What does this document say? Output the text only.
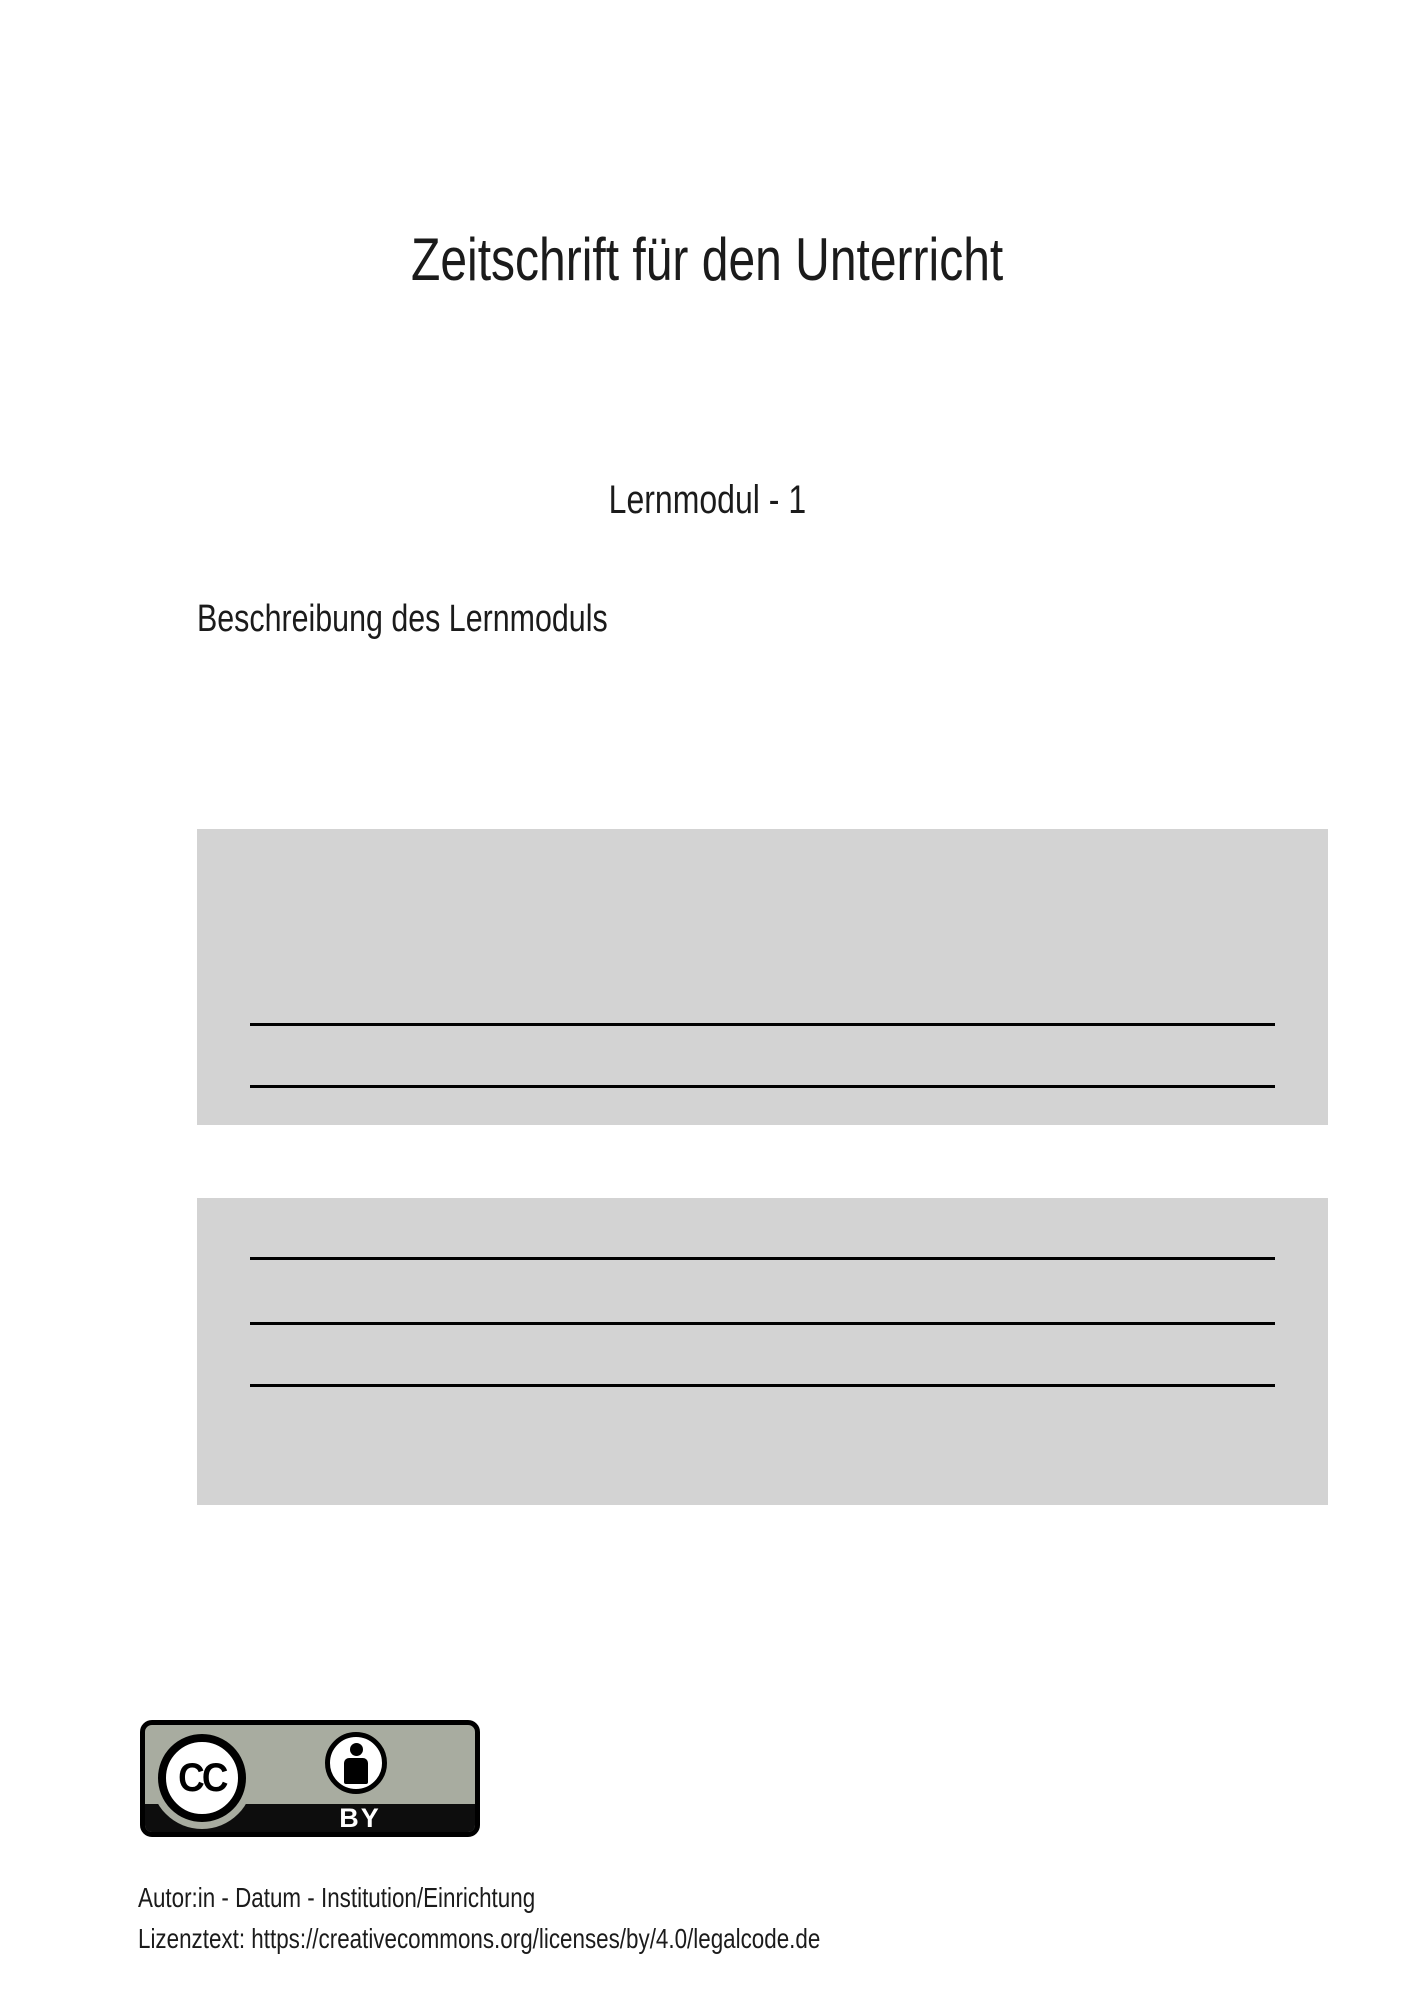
Zeitschrift für den Unterricht
Lernmodul - 1
Beschreibung des Lernmoduls
CC
BY
Autor:in - Datum - Institution/Einrichtung
Lizenztext: https://creativecommons.org/licenses/by/4.0/legalcode.de
